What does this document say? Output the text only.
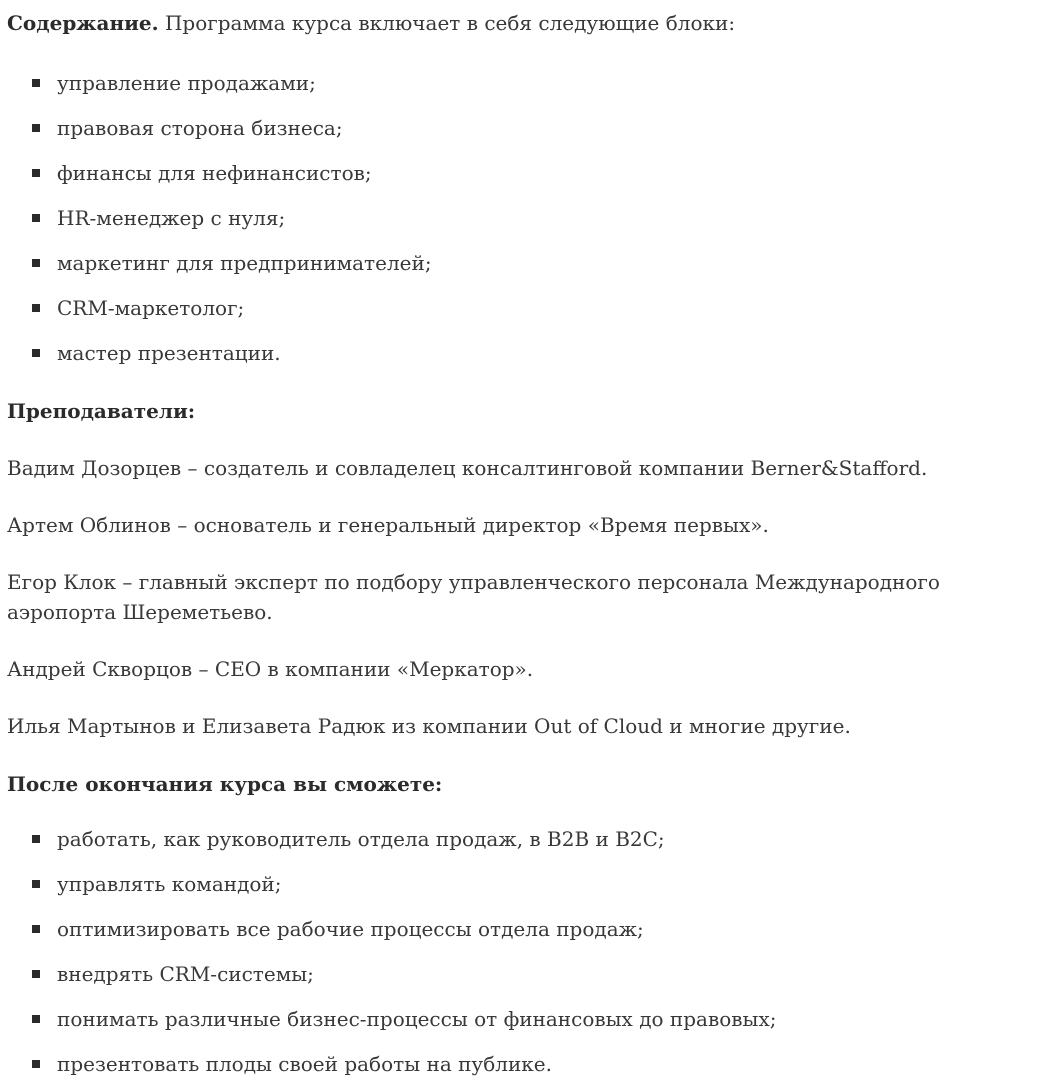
Содержание. Программа курса включает в себя следующие блоки:

управление продажами;
правовая сторона бизнеса;
финансы для нефинансистов;
HR-менеджер с нуля;
маркетинг для предпринимателей;
CRM-маркетолог;
мастер презентации.

Преподаватели:

Вадим Дозорцев – создатель и совладелец консалтинговой компании Berner&Stafford.

Артем Облинов – основатель и генеральный директор «Время первых».

Егор Клок – главный эксперт по подбору управленческого персонала Международного аэропорта Шереметьево.

Андрей Скворцов – CEO в компании «Меркатор».

Илья Мартынов и Елизавета Радюк из компании Out of Cloud и многие другие.

После окончания курса вы сможете:

работать, как руководитель отдела продаж, в B2B и B2C;
управлять командой;
оптимизировать все рабочие процессы отдела продаж;
внедрять CRM-системы;
понимать различные бизнес-процессы от финансовых до правовых;
презентовать плоды своей работы на публике.
